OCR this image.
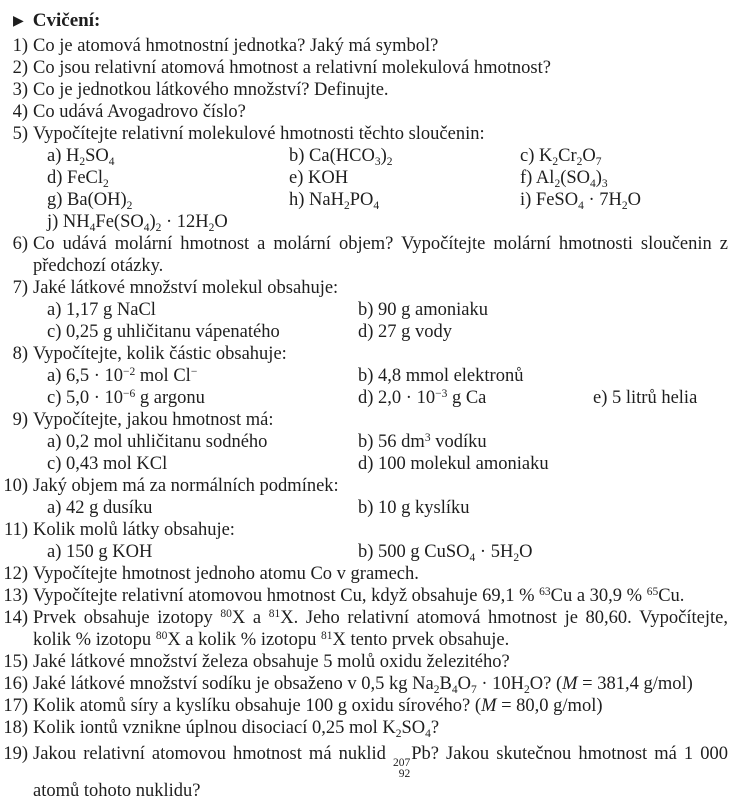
▶ Cvičení:
1) Co je atomová hmotnostní jednotka? Jaký má symbol?
2) Co jsou relativní atomová hmotnost a relativní molekulová hmotnost?
3) Co je jednotkou látkového množství? Definujte.
4) Co udává Avogadrovo číslo?
5) Vypočítejte relativní molekulové hmotnosti těchto sloučenin:
a) $H_2SO_4$	b) $Ca(HCO_3)_2$	c) $K_2Cr_2O_7$
d) FeCl$_2$	e) KOH	f) $Al_2(SO_4)_3$
g) $Ba(OH)_2$	h) $NaH_2PO_4$	i) FeSO$_4$ · $7H_2O$
j) $NH_4Fe(SO_4)_2 \cdot 12H_2O$
6) Co udává molární hmotnost a molární objem? Vypočítejte molární hmotnosti sloučenin z předchozí otázky.
7) Jaké látkové množství molekul obsahuje:
a) 1,17 g NaCl	b) 90 g amoniaku
c) 0,25 g uhličitanu vápenatého	d) 27 g vody
8) Vypočítejte, kolik částic obsahuje:
a) $6,5 \cdot 10^{-2}$ mol Cl−	b) 4,8 mmol elektronů
c) $5,0 \cdot 10^{-6}$ g argonu	d) $2,0 \cdot 10^{-3}$ g Ca	e) 5 litrů helia
9) Vypočítejte, jakou hmotnost má:
a) 0,2 mol uhličitanu sodného	b) 56 $dm^3$ vodíku
c) 0,43 mol KCl	d) 100 molekul amoniaku
10) Jaký objem má za normálních podmínek:
a) 42 g dusíku	b) 10 g kyslíku
11) Kolik molů látky obsahuje:
a) 150 g KOH	b) 500 g CuSO$_4$ · $5H_2O$
12) Vypočítejte hmotnost jednoho atomu Co v gramech.
13) Vypočítejte relativní atomovou hmotnost Cu, když obsahuje 69,1 % $^{63}$Cu a 30,9 % $^{65}$Cu.
14) Prvek obsahuje izotopy $^{80}$X a $^{81}$X. Jeho relativní atomová hmotnost je 80,60. Vypočítejte, kolik % izotopu $^{80}$X a kolik % izotopu $^{81}$X tento prvek obsahuje.
15) Jaké látkové množství železa obsahuje 5 molů oxidu železitého?
16) Jaké látkové množství sodíku je obsaženo v 0,5 kg $Na_2B_4O_7 \cdot 10H_2O$? (M = 381,4 g/mol)
17) Kolik atomů síry a kyslíku obsahuje 100 g oxidu sírového? (M = 80,0 g/mol)
18) Kolik iontů vznikne úplnou disociací 0,25 mol $K_2SO_4$?
19) Jakou relativní atomovou hmotnost má nuklid 207
92
Pb? Jakou skutečnou hmotnost má 1 000 atomů tohoto nuklidu?
